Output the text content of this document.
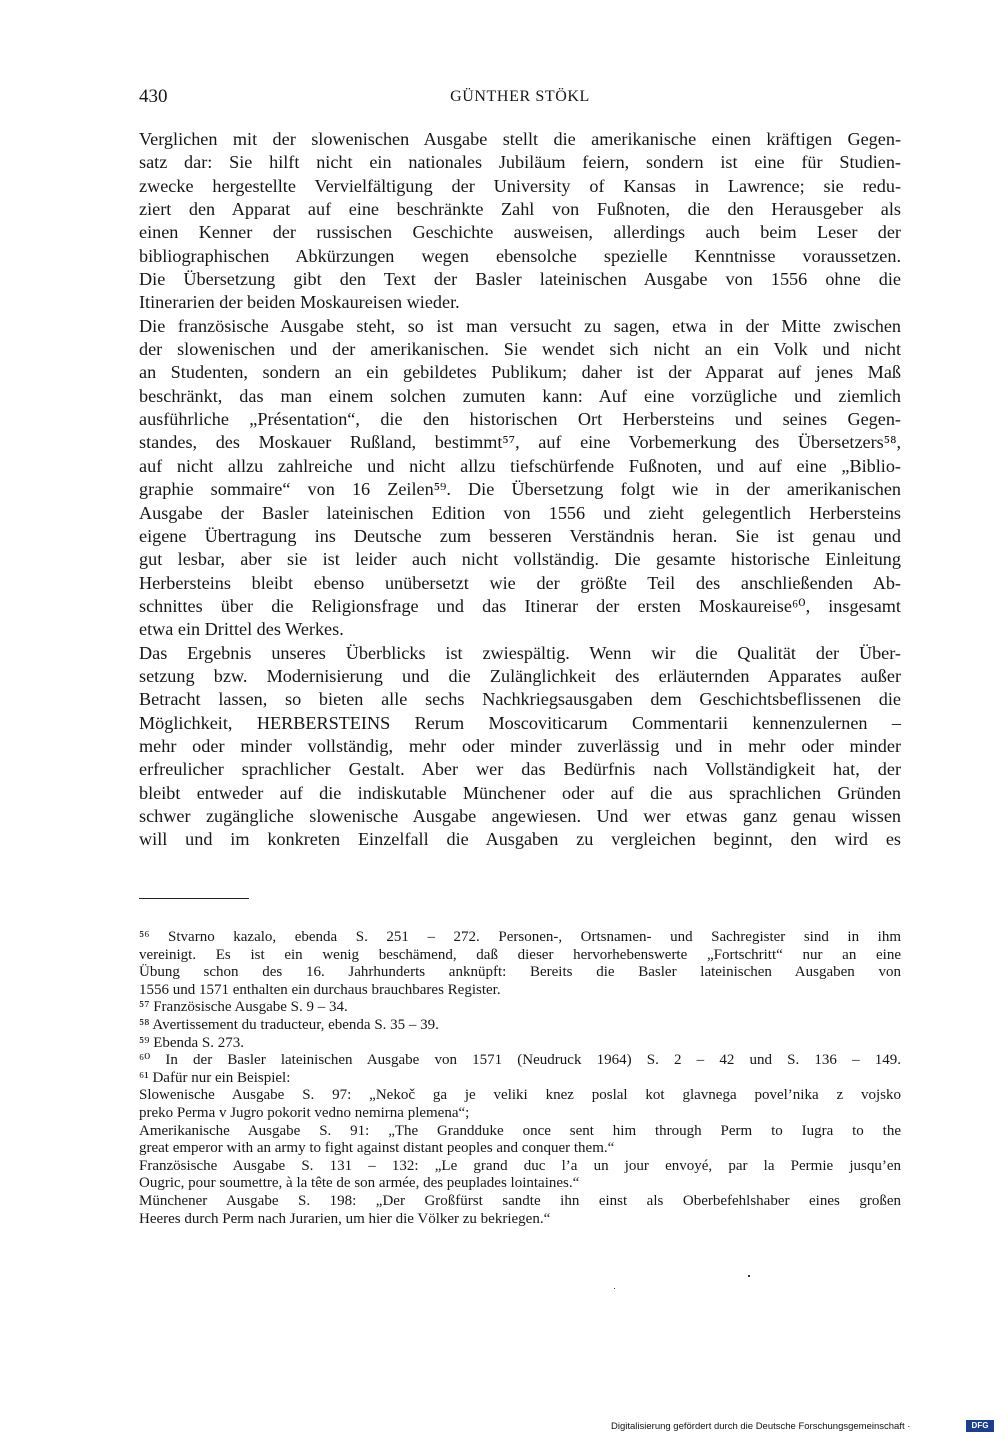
430	GÜNTHER STÖKL
Verglichen mit der slowenischen Ausgabe stellt die amerikanische einen kräftigen Gegen-
satz dar: Sie hilft nicht ein nationales Jubiläum feiern, sondern ist eine für Studien-
zwecke hergestellte Vervielfältigung der University of Kansas in Lawrence; sie redu-
ziert den Apparat auf eine beschränkte Zahl von Fußnoten, die den Herausgeber als
einen Kenner der russischen Geschichte ausweisen, allerdings auch beim Leser der
bibliographischen Abkürzungen wegen ebensolche spezielle Kenntnisse voraussetzen.
Die Übersetzung gibt den Text der Basler lateinischen Ausgabe von 1556 ohne die
Itinerarien der beiden Moskaureisen wieder.
Die französische Ausgabe steht, so ist man versucht zu sagen, etwa in der Mitte zwischen
der slowenischen und der amerikanischen. Sie wendet sich nicht an ein Volk und nicht
an Studenten, sondern an ein gebildetes Publikum; daher ist der Apparat auf jenes Maß
beschränkt, das man einem solchen zumuten kann: Auf eine vorzügliche und ziemlich
ausführliche „Présentation“, die den historischen Ort Herbersteins und seines Gegen-
standes, des Moskauer Rußland, bestimmt⁵⁷, auf eine Vorbemerkung des Übersetzers⁵⁸,
auf nicht allzu zahlreiche und nicht allzu tiefschürfende Fußnoten, und auf eine „Biblio-
graphie sommaire“ von 16 Zeilen⁵⁹. Die Übersetzung folgt wie in der amerikanischen
Ausgabe der Basler lateinischen Edition von 1556 und zieht gelegentlich Herbersteins
eigene Übertragung ins Deutsche zum besseren Verständnis heran. Sie ist genau und
gut lesbar, aber sie ist leider auch nicht vollständig. Die gesamte historische Einleitung
Herbersteins bleibt ebenso unübersetzt wie der größte Teil des anschließenden Ab-
schnittes über die Religionsfrage und das Itinerar der ersten Moskaureise⁶⁰, insgesamt
etwa ein Drittel des Werkes.
Das Ergebnis unseres Überblicks ist zwiespältig. Wenn wir die Qualität der Über-
setzung bzw. Modernisierung und die Zulänglichkeit des erläuternden Apparates außer
Betracht lassen, so bieten alle sechs Nachkriegsausgaben dem Geschichtsbeflissenen die
Möglichkeit, HERBERSTEINS Rerum Moscoviticarum Commentarii kennenzulernen –
mehr oder minder vollständig, mehr oder minder zuverlässig und in mehr oder minder
erfreulicher sprachlicher Gestalt. Aber wer das Bedürfnis nach Vollständigkeit hat, der
bleibt entweder auf die indiskutable Münchener oder auf die aus sprachlichen Gründen
schwer zugängliche slowenische Ausgabe angewiesen. Und wer etwas ganz genau wissen
will und im konkreten Einzelfall die Ausgaben zu vergleichen beginnt, den wird es
⁵⁶ Stvarno kazalo, ebenda S. 251 – 272. Personen-, Ortsnamen- und Sachregister sind in ihm
vereinigt. Es ist ein wenig beschämend, daß dieser hervorhebenswerte „Fortschritt“ nur an eine
Übung schon des 16. Jahrhunderts anknüpft: Bereits die Basler lateinischen Ausgaben von
1556 und 1571 enthalten ein durchaus brauchbares Register.
⁵⁷ Französische Ausgabe S. 9 – 34.
⁵⁸ Avertissement du traducteur, ebenda S. 35 – 39.
⁵⁹ Ebenda S. 273.
⁶⁰ In der Basler lateinischen Ausgabe von 1571 (Neudruck 1964) S. 2 – 42 und S. 136 – 149.
⁶¹ Dafür nur ein Beispiel:
Slowenische Ausgabe S. 97: „Nekoč ga je veliki knez poslal kot glavnega povel’nika z vojsko
preko Perma v Jugro pokorit vedno nemirna plemena“;
Amerikanische Ausgabe S. 91: „The Grandduke once sent him through Perm to Iugra to the
great emperor with an army to fight against distant peoples and conquer them.“
Französische Ausgabe S. 131 – 132: „Le grand duc l’a un jour envoyé, par la Permie jusqu’en
Ougric, pour soumettre, à la tête de son armée, des peuplades lointaines.“
Münchener Ausgabe S. 198: „Der Großfürst sandte ihn einst als Oberbefehlshaber eines großen
Heeres durch Perm nach Jurarien, um hier die Völker zu bekriegen.“
Digitalisierung gefördert durch die Deutsche Forschungsgemeinschaft ·	DFG
